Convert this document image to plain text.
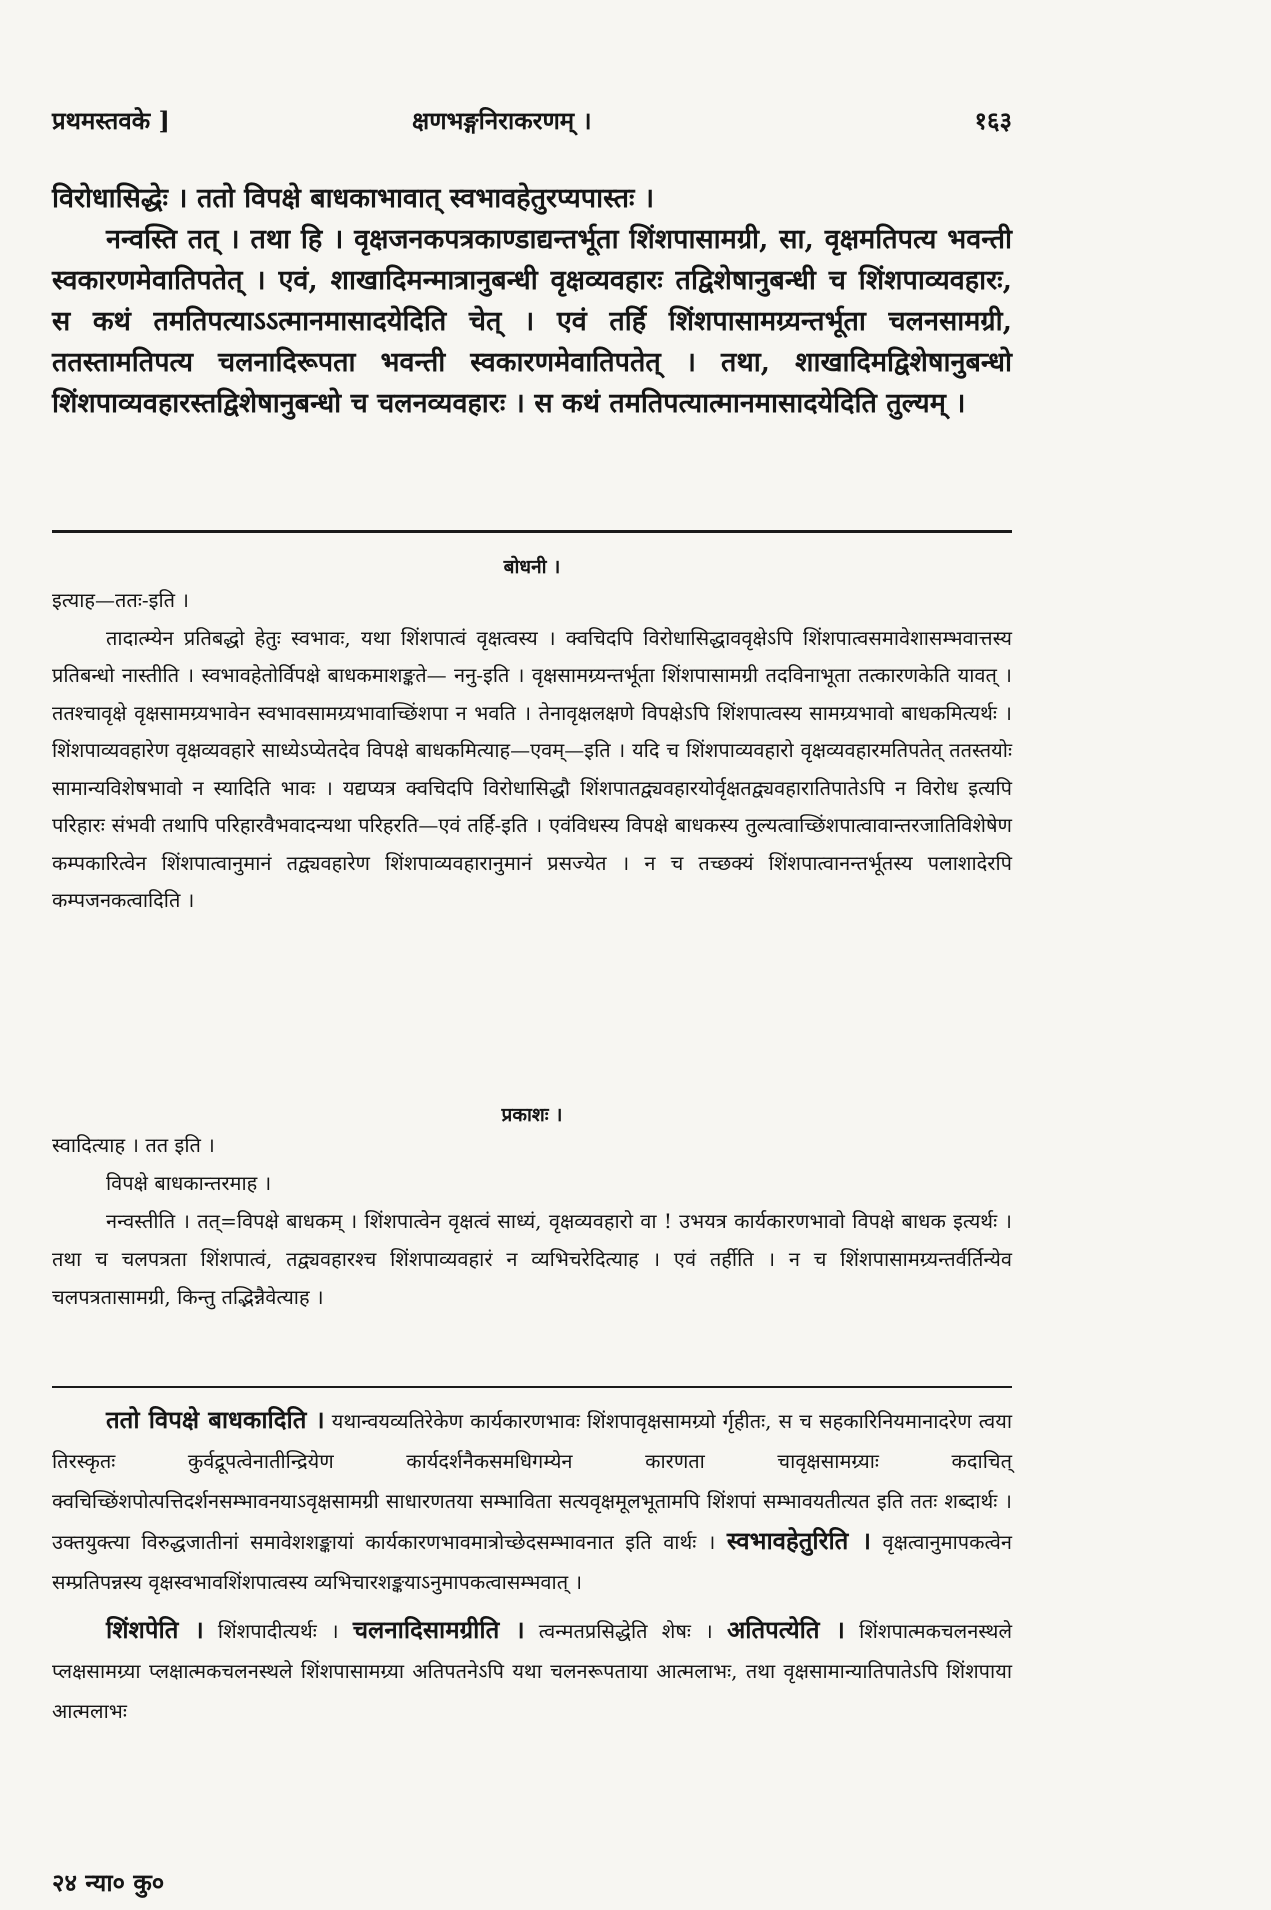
प्रथमस्तवके ]	क्षणभङ्गनिराकरणम् ।	१६३

विरोधासिद्धेः । ततो विपक्षे बाधकाभावात् स्वभावहेतुरप्यपास्तः ।

नन्वस्ति तत् । तथा हि । वृक्षजनकपत्रकाण्डाद्यन्तर्भूता शिंशपासामग्री, सा, वृक्षमतिपत्य भवन्ती स्वकारणमेवातिपतेत् । एवं, शाखादिमन्मात्रानुबन्धी वृक्षव्यवहारः तद्विशेषानुबन्धी च शिंशपाव्यवहारः, स कथं तमतिपत्याऽऽत्मानमासादयेदिति चेत् । एवं तर्हि शिंशपासामग्र्यन्तर्भूता चलनसामग्री, ततस्तामतिपत्य चलनादिरूपता भवन्ती स्वकारणमेवातिपतेत् । तथा, शाखादिमद्विशेषानुबन्धो शिंशपाव्यवहारस्तद्विशेषानुबन्धो च चलनव्यवहारः । स कथं तमतिपत्यात्मानमासादयेदिति तुल्यम् ।

बोधनी ।

इत्याह—ततः-इति ।

तादात्म्येन प्रतिबद्धो हेतुः स्वभावः, यथा शिंशपात्वं वृक्षत्वस्य । क्वचिदपि विरोधासिद्धाववृक्षेऽपि शिंशपात्वसमावेशासम्भवात्तस्य प्रतिबन्धो नास्तीति । स्वभावहेतोर्विपक्षे बाधकमाशङ्कते— ननु-इति । वृक्षसामग्र्यन्तर्भूता शिंशपासामग्री तदविनाभूता तत्कारणकेति यावत् । ततश्चावृक्षे वृक्षसामग्र्यभावेन स्वभावसामग्र्यभावाच्छिंशपा न भवति । तेनावृक्षलक्षणे विपक्षेऽपि शिंशपात्वस्य सामग्र्यभावो बाधकमित्यर्थः । शिंशपाव्यवहारेण वृक्षव्यवहारे साध्येऽप्येतदेव विपक्षे बाधकमित्याह—एवम्—इति । यदि च शिंशपाव्यवहारो वृक्षव्यवहारमतिपतेत् ततस्तयोः सामान्यविशेषभावो न स्यादिति भावः । यद्यप्यत्र क्वचिदपि विरोधासिद्धौ शिंशपातद्व्यवहारयोर्वृक्षतद्व्यवहारातिपातेऽपि न विरोध इत्यपि परिहारः संभवी तथापि परिहारवैभवादन्यथा परिहरति—एवं तर्हि-इति । एवंविधस्य विपक्षे बाधकस्य तुल्यत्वाच्छिंशपात्वावान्तरजातिविशेषेण कम्पकारित्वेन शिंशपात्वानुमानं तद्व्यवहारेण शिंशपाव्यवहारानुमानं प्रसज्येत । न च तच्छक्यं शिंशपात्वानन्तर्भूतस्य पलाशादेरपि कम्पजनकत्वादिति ।

प्रकाशः ।

स्वादित्याह । तत इति ।

विपक्षे बाधकान्तरमाह ।

नन्वस्तीति । तत्=विपक्षे बाधकम् । शिंशपात्वेन वृक्षत्वं साध्यं, वृक्षव्यवहारो वा ! उभयत्र कार्यकारणभावो विपक्षे बाधक इत्यर्थः । तथा च चलपत्रता शिंशपात्वं, तद्व्यवहारश्च शिंशपाव्यवहारं न व्यभिचरेदित्याह । एवं तर्हीति । न च शिंशपासामग्र्यन्तर्वर्तिन्येव चलपत्रतासामग्री, किन्तु तद्भिन्नैवेत्याह ।

ततो विपक्षे बाधकादिति । यथान्वयव्यतिरेकेण कार्यकारणभावः शिंशपावृक्षसामग्र्यो र्गृहीतः, स च सहकारिनियमानादरेण त्वया तिरस्कृतः कुर्वद्रूपत्वेनातीन्द्रियेण कार्यदर्शनैकसमधिगम्येन कारणता चावृक्षसामग्र्याः कदाचित् क्वचिच्छिंशपोत्पत्तिदर्शनसम्भावनयाऽवृक्षसामग्री साधारणतया सम्भाविता सत्यवृक्षमूलभूतामपि शिंशपां सम्भावयतीत्यत इति ततः शब्दार्थः । उक्तयुक्त्या विरुद्धजातीनां समावेशशङ्कायां कार्यकारणभावमात्रोच्छेदसम्भावनात इति वार्थः । स्वभावहेतुरिति । वृक्षत्वानुमापकत्वेन सम्प्रतिपन्नस्य वृक्षस्वभावशिंशपात्वस्य व्यभिचारशङ्कयाऽनुमापकत्वासम्भवात् ।

शिंशपेति । शिंशपादीत्यर्थः । चलनादिसामग्रीति । त्वन्मतप्रसिद्धेति शेषः । अतिपत्येति । शिंशपात्मकचलनस्थले प्लक्षसामग्र्या प्लक्षात्मकचलनस्थले शिंशपासामग्र्या अतिपतनेऽपि यथा चलनरूपताया आत्मलाभः, तथा वृक्षसामान्यातिपातेऽपि शिंशपाया आत्मलाभः

२४ न्या० कु०
